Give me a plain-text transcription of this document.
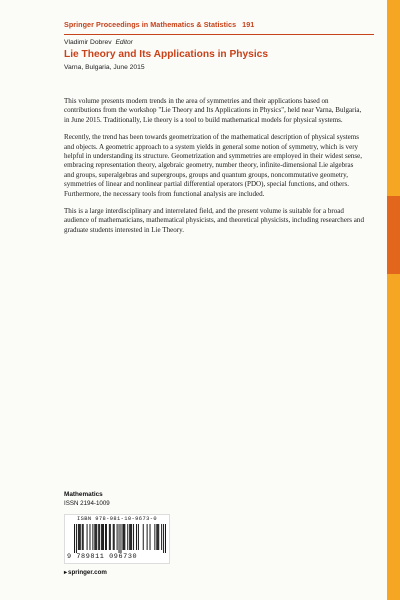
Springer Proceedings in Mathematics & Statistics 191
Vladimir Dobrev Editor
Lie Theory and Its Applications in Physics
Varna, Bulgaria, June 2015

This volume presents modern trends in the area of symmetries and their applications based on contributions from the workshop "Lie Theory and Its Applications in Physics", held near Varna, Bulgaria, in June 2015. Traditionally, Lie theory is a tool to build mathematical models for physical systems.

Recently, the trend has been towards geometrization of the mathematical description of physical systems and objects. A geometric approach to a system yields in general some notion of symmetry, which is very helpful in understanding its structure. Geometrization and symmetries are employed in their widest sense, embracing representation theory, algebraic geometry, number theory, infinite-dimensional Lie algebras and groups, superalgebras and supergroups, groups and quantum groups, noncommutative geometry, symmetries of linear and nonlinear partial differential operators (PDO), special functions, and others. Furthermore, the necessary tools from functional analysis are included.

This is a large interdisciplinary and interrelated field, and the present volume is suitable for a broad audience of mathematicians, mathematical physicists, and theoretical physicists, including researchers and graduate students interested in Lie Theory.

Mathematics
ISSN 2194-1009
ISBN 978-981-10-9673-0
9 789811 096730
▸springer.com
